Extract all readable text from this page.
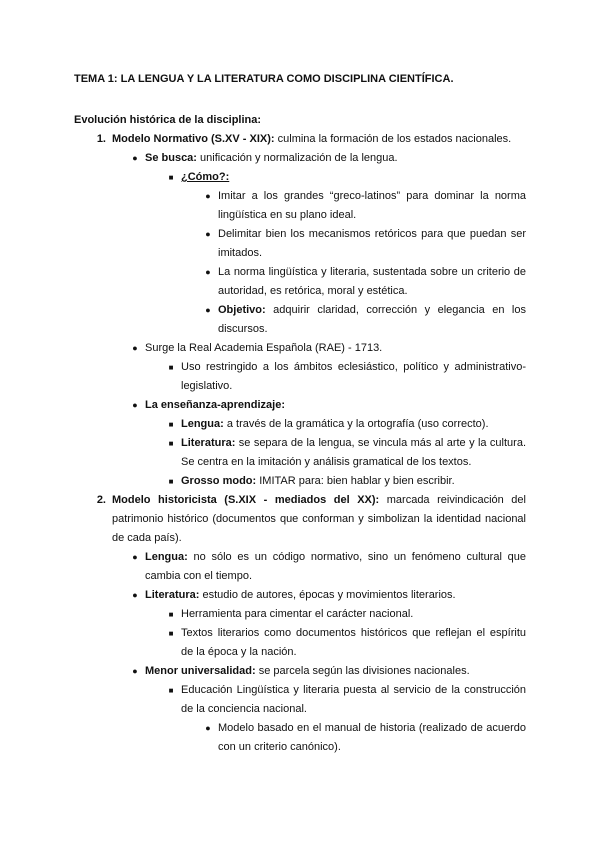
TEMA 1: LA LENGUA Y LA LITERATURA COMO DISCIPLINA CIENTÍFICA.
Evolución histórica de la disciplina:
1. Modelo Normativo (S.XV - XIX): culmina la formación de los estados nacionales.
● Se busca: unificación y normalización de la lengua.
■ ¿Cómo?:
● Imitar a los grandes “greco-latinos” para dominar la norma lingüística en su plano ideal.
● Delimitar bien los mecanismos retóricos para que puedan ser imitados.
● La norma lingüística y literaria, sustentada sobre un criterio de autoridad, es retórica, moral y estética.
● Objetivo: adquirir claridad, corrección y elegancia en los discursos.
● Surge la Real Academia Española (RAE) - 1713.
■ Uso restringido a los ámbitos eclesiástico, político y administrativo-legislativo.
● La enseñanza-aprendizaje:
■ Lengua: a través de la gramática y la ortografía (uso correcto).
■ Literatura: se separa de la lengua, se vincula más al arte y la cultura. Se centra en la imitación y análisis gramatical de los textos.
■ Grosso modo: IMITAR para: bien hablar y bien escribir.
2. Modelo historicista (S.XIX - mediados del XX): marcada reivindicación del patrimonio histórico (documentos que conforman y simbolizan la identidad nacional de cada país).
● Lengua: no sólo es un código normativo, sino un fenómeno cultural que cambia con el tiempo.
● Literatura: estudio de autores, épocas y movimientos literarios.
■ Herramienta para cimentar el carácter nacional.
■ Textos literarios como documentos históricos que reflejan el espíritu de la época y la nación.
● Menor universalidad: se parcela según las divisiones nacionales.
■ Educación Lingüística y literaria puesta al servicio de la construcción de la conciencia nacional.
● Modelo basado en el manual de historia (realizado de acuerdo con un criterio canónico).
